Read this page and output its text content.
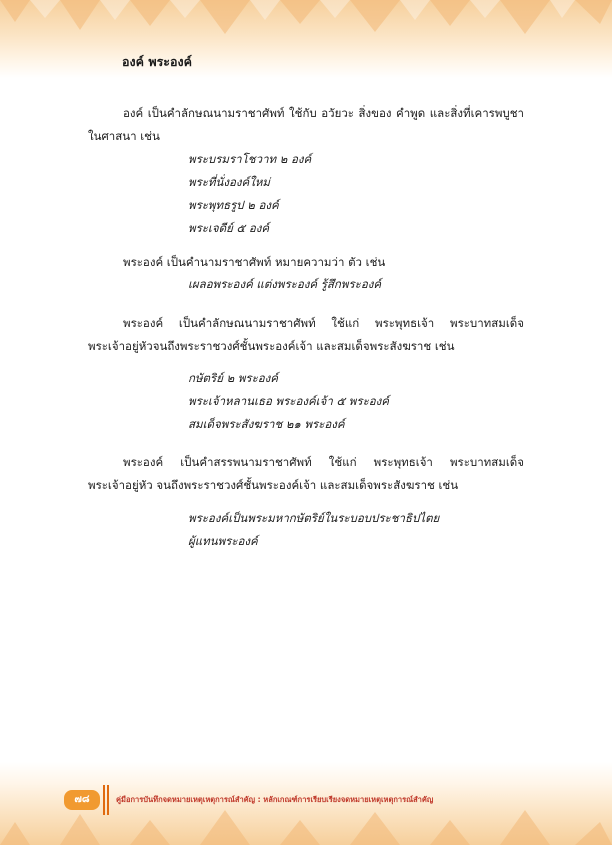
องค์ พระองค์
องค์ เป็นคำลักษณนามราชาศัพท์ ใช้กับ อวัยวะ สิ่งของ คำพูด และสิ่งที่เคารพบูชาในศาสนา เช่น
พระบรมราโชวาท ๒ องค์
พระที่นั่งองค์ใหม่
พระพุทธรูป ๒ องค์
พระเจดีย์ ๕ องค์
พระองค์ เป็นคำนามราชาศัพท์ หมายความว่า ตัว เช่น
เผลอพระองค์ แต่งพระองค์ รู้สึกพระองค์
พระองค์ เป็นคำลักษณนามราชาศัพท์ ใช้แก่ พระพุทธเจ้า พระบาทสมเด็จพระเจ้าอยู่หัวจนถึงพระราชวงศ์ชั้นพระองค์เจ้า และสมเด็จพระสังฆราช เช่น
กษัตริย์ ๒ พระองค์
พระเจ้าหลานเธอ พระองค์เจ้า ๕ พระองค์
สมเด็จพระสังฆราช ๒๑ พระองค์
พระองค์ เป็นคำสรรพนามราชาศัพท์ ใช้แก่ พระพุทธเจ้า พระบาทสมเด็จพระเจ้าอยู่หัว จนถึงพระราชวงศ์ชั้นพระองค์เจ้า และสมเด็จพระสังฆราช เช่น
พระองค์เป็นพระมหากษัตริย์ในระบอบประชาธิปไตย
ผู้แทนพระองค์
๗๘	คู่มือการบันทึกจดหมายเหตุเหตุการณ์สำคัญ : หลักเกณฑ์การเรียบเรียงจดหมายเหตุเหตุการณ์สำคัญ
